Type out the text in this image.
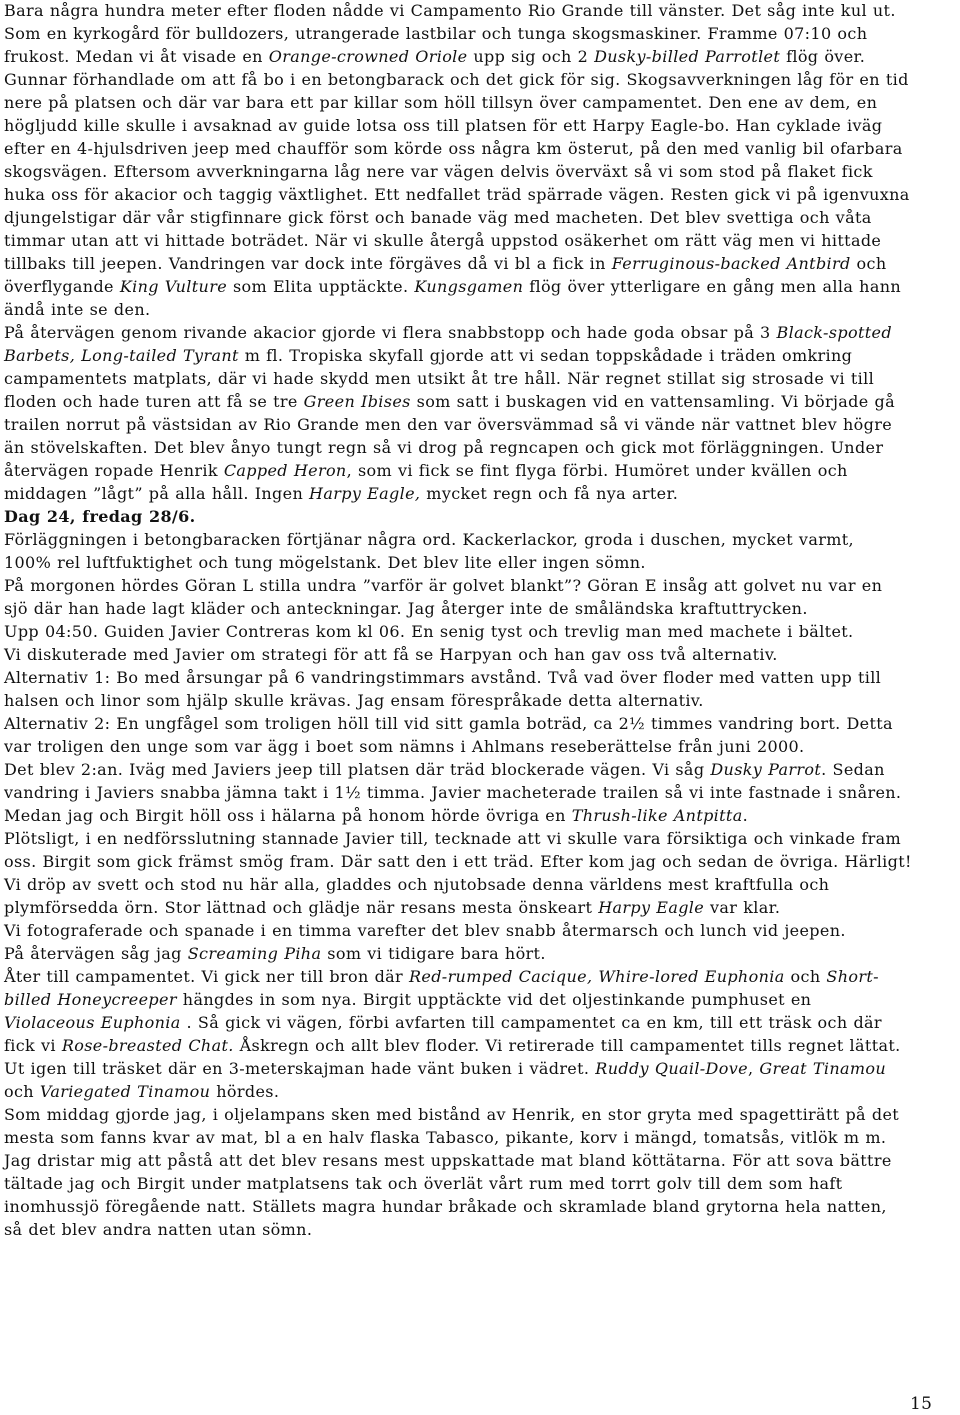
Bara några hundra meter efter floden nådde vi Campamento Rio Grande till vänster. Det såg inte kul ut.
Som en kyrkogård för bulldozers, utrangerade lastbilar och tunga skogsmaskiner. Framme 07:10 och
frukost. Medan vi åt visade en Orange-crowned Oriole upp sig och 2 Dusky-billed Parrotlet flög över.
Gunnar förhandlade om att få bo i en betongbarack och det gick för sig. Skogsavverkningen låg för en tid
nere på platsen och där var bara ett par killar som höll tillsyn över campamentet. Den ene av dem, en
högljudd kille skulle i avsaknad av guide lotsa oss till platsen för ett Harpy Eagle-bo. Han cyklade iväg
efter en 4-hjulsdriven jeep med chaufför som körde oss några km österut, på den med vanlig bil ofarbara
skogsvägen. Eftersom avverkningarna låg nere var vägen delvis överväxt så vi som stod på flaket fick
huka oss för akacior och taggig växtlighet. Ett nedfallet träd spärrade vägen. Resten gick vi på igenvuxna
djungelstigar där vår stigfinnare gick först och banade väg med macheten. Det blev svettiga och våta
timmar utan att vi hittade boträdet. När vi skulle återgå uppstod osäkerhet om rätt väg men vi hittade
tillbaks till jeepen. Vandringen var dock inte förgäves då vi bl a fick in Ferruginous-backed Antbird och
överflygande King Vulture som Elita upptäckte. Kungsgamen flög över ytterligare en gång men alla hann
ändå inte se den.
På återvägen genom rivande akacior gjorde vi flera snabbstopp och hade goda obsar på 3 Black-spotted
Barbets, Long-tailed Tyrant m fl. Tropiska skyfall gjorde att vi sedan toppskådade i träden omkring
campamentets matplats, där vi hade skydd men utsikt åt tre håll. När regnet stillat sig strosade vi till
floden och hade turen att få se tre Green Ibises som satt i buskagen vid en vattensamling. Vi började gå
trailen norrut på västsidan av Rio Grande men den var översvämmad så vi vände när vattnet blev högre
än stövelskaften. Det blev ånyo tungt regn så vi drog på regncapen och gick mot förläggningen. Under
återvägen ropade Henrik Capped Heron, som vi fick se fint flyga förbi. Humöret under kvällen och
middagen ”lågt” på alla håll. Ingen Harpy Eagle, mycket regn och få nya arter.
Dag 24, fredag 28/6.
Förläggningen i betongbaracken förtjänar några ord. Kackerlackor, groda i duschen, mycket varmt,
100% rel luftfuktighet och tung mögelstank. Det blev lite eller ingen sömn.
På morgonen hördes Göran L stilla undra ”varför är golvet blankt”? Göran E insåg att golvet nu var en
sjö där han hade lagt kläder och anteckningar. Jag återger inte de småländska kraftuttrycken.
Upp 04:50. Guiden Javier Contreras kom kl 06. En senig tyst och trevlig man med machete i bältet.
Vi diskuterade med Javier om strategi för att få se Harpyan och han gav oss två alternativ.
Alternativ 1: Bo med årsungar på 6 vandringstimmars avstånd. Två vad över floder med vatten upp till
halsen och linor som hjälp skulle krävas. Jag ensam förespråkade detta alternativ.
Alternativ 2: En ungfågel som troligen höll till vid sitt gamla boträd, ca 2½ timmes vandring bort. Detta
var troligen den unge som var ägg i boet som nämns i Ahlmans reseberättelse från juni 2000.
Det blev 2:an. Iväg med Javiers jeep till platsen där träd blockerade vägen. Vi såg Dusky Parrot. Sedan
vandring i Javiers snabba jämna takt i 1½ timma. Javier macheterade trailen så vi inte fastnade i snåren.
Medan jag och Birgit höll oss i hälarna på honom hörde övriga en Thrush-like Antpitta.
Plötsligt, i en nedförsslutning stannade Javier till, tecknade att vi skulle vara försiktiga och vinkade fram
oss. Birgit som gick främst smög fram. Där satt den i ett träd. Efter kom jag och sedan de övriga. Härligt!
Vi dröp av svett och stod nu här alla, gladdes och njutobsade denna världens mest kraftfulla och
plymförsedda örn. Stor lättnad och glädje när resans mesta önskeart Harpy Eagle var klar.
Vi fotograferade och spanade i en timma varefter det blev snabb återmarsch och lunch vid jeepen.
På återvägen såg jag Screaming Piha som vi tidigare bara hört.
Åter till campamentet. Vi gick ner till bron där Red-rumped Cacique, Whire-lored Euphonia och Short-
billed Honeycreeper hängdes in som nya. Birgit upptäckte vid det oljestinkande pumphuset en
Violaceous Euphonia . Så gick vi vägen, förbi avfarten till campamentet ca en km, till ett träsk och där
fick vi Rose-breasted Chat. Åskregn och allt blev floder. Vi retirerade till campamentet tills regnet lättat.
Ut igen till träsket där en 3-meterskajman hade vänt buken i vädret. Ruddy Quail-Dove, Great Tinamou
och Variegated Tinamou hördes.
Som middag gjorde jag, i oljelampans sken med bistånd av Henrik, en stor gryta med spagettirätt på det
mesta som fanns kvar av mat, bl a en halv flaska Tabasco, pikante, korv i mängd, tomatsås, vitlök m m.
Jag dristar mig att påstå att det blev resans mest uppskattade mat bland köttätarna. För att sova bättre
tältade jag och Birgit under matplatsens tak och överlät vårt rum med torrt golv till dem som haft
inomhussjö föregående natt. Ställets magra hundar bråkade och skramlade bland grytorna hela natten,
så det blev andra natten utan sömn.
15
